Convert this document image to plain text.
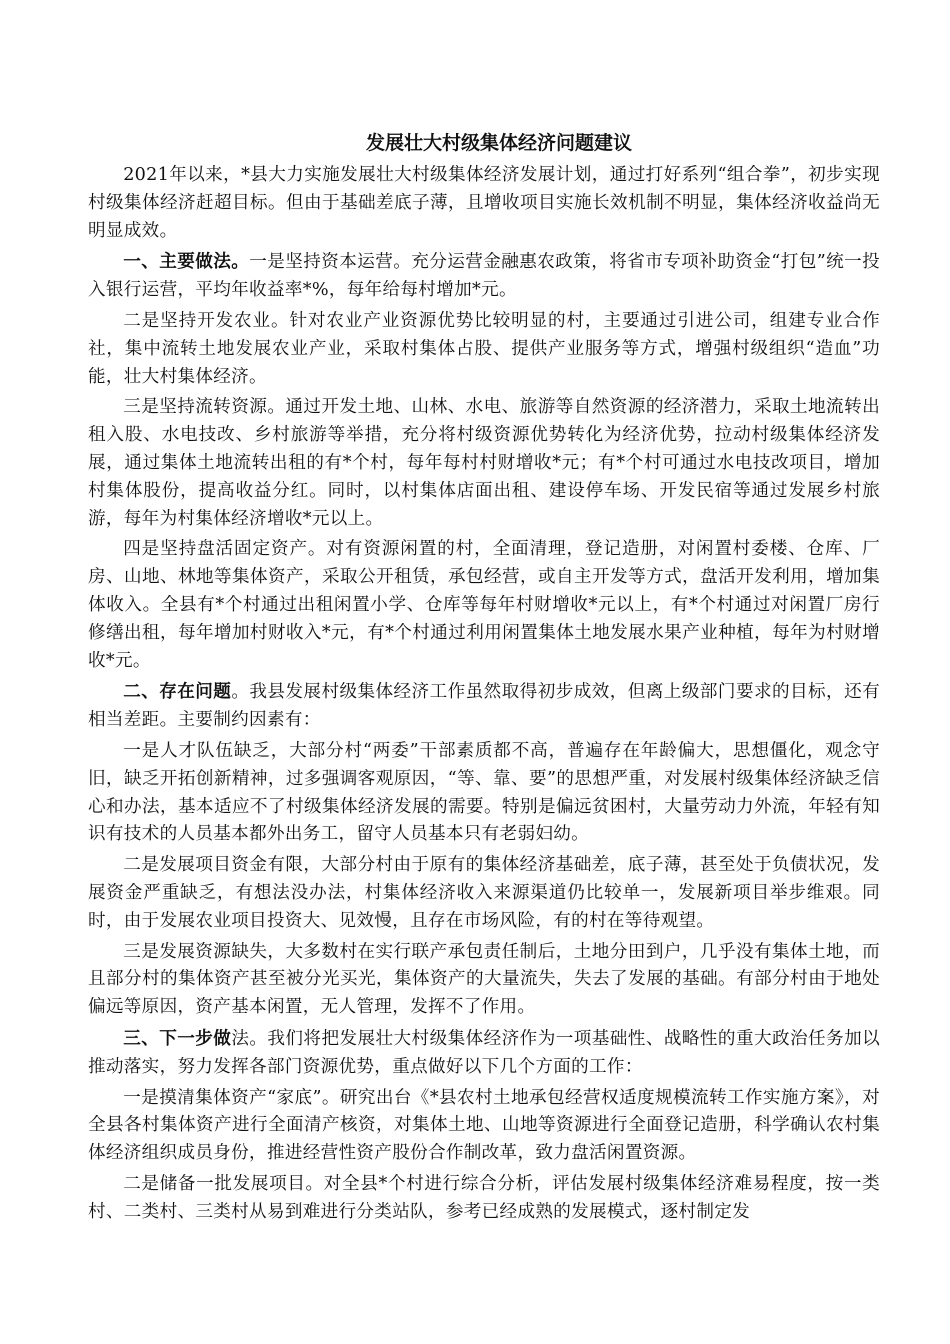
发展壮大村级集体经济问题建议

2021年以来，*县大力实施发展壮大村级集体经济发展计划，通过打好系列“组合拳”，初步实现村级集体经济赶超目标。但由于基础差底子薄，且增收项目实施长效机制不明显，集体经济收益尚无明显成效。

一、主要做法。一是坚持资本运营。充分运营金融惠农政策，将省市专项补助资金“打包”统一投入银行运营，平均年收益率*%，每年给每村增加*元。

二是坚持开发农业。针对农业产业资源优势比较明显的村，主要通过引进公司，组建专业合作社，集中流转土地发展农业产业，采取村集体占股、提供产业服务等方式，增强村级组织“造血”功能，壮大村集体经济。

三是坚持流转资源。通过开发土地、山林、水电、旅游等自然资源的经济潜力，采取土地流转出租入股、水电技改、乡村旅游等举措，充分将村级资源优势转化为经济优势，拉动村级集体经济发展，通过集体土地流转出租的有*个村，每年每村村财增收*元；有*个村可通过水电技改项目，增加村集体股份，提高收益分红。同时，以村集体店面出租、建设停车场、开发民宿等通过发展乡村旅游，每年为村集体经济增收*元以上。

四是坚持盘活固定资产。对有资源闲置的村，全面清理，登记造册，对闲置村委楼、仓库、厂房、山地、林地等集体资产，采取公开租赁，承包经营，或自主开发等方式，盘活开发利用，增加集体收入。全县有*个村通过出租闲置小学、仓库等每年村财增收*元以上，有*个村通过对闲置厂房行修缮出租，每年增加村财收入*元，有*个村通过利用闲置集体土地发展水果产业种植，每年为村财增收*元。

二、存在问题。我县发展村级集体经济工作虽然取得初步成效，但离上级部门要求的目标，还有相当差距。主要制约因素有：

一是人才队伍缺乏，大部分村“两委”干部素质都不高，普遍存在年龄偏大，思想僵化，观念守旧，缺乏开拓创新精神，过多强调客观原因，“等、靠、要”的思想严重，对发展村级集体经济缺乏信心和办法，基本适应不了村级集体经济发展的需要。特别是偏远贫困村，大量劳动力外流，年轻有知识有技术的人员基本都外出务工，留守人员基本只有老弱妇幼。

二是发展项目资金有限，大部分村由于原有的集体经济基础差，底子薄，甚至处于负债状况，发展资金严重缺乏，有想法没办法，村集体经济收入来源渠道仍比较单一，发展新项目举步维艰。同时，由于发展农业项目投资大、见效慢，且存在市场风险，有的村在等待观望。

三是发展资源缺失，大多数村在实行联产承包责任制后，土地分田到户，几乎没有集体土地，而且部分村的集体资产甚至被分光买光，集体资产的大量流失，失去了发展的基础。有部分村由于地处偏远等原因，资产基本闲置，无人管理，发挥不了作用。

三、下一步做法。我们将把发展壮大村级集体经济作为一项基础性、战略性的重大政治任务加以推动落实，努力发挥各部门资源优势，重点做好以下几个方面的工作：

一是摸清集体资产“家底”。研究出台《*县农村土地承包经营权适度规模流转工作实施方案》，对全县各村集体资产进行全面清产核资，对集体土地、山地等资源进行全面登记造册，科学确认农村集体经济组织成员身份，推进经营性资产股份合作制改革，致力盘活闲置资源。

二是储备一批发展项目。对全县*个村进行综合分析，评估发展村级集体经济难易程度，按一类村、二类村、三类村从易到难进行分类站队，参考已经成熟的发展模式，逐村制定发
